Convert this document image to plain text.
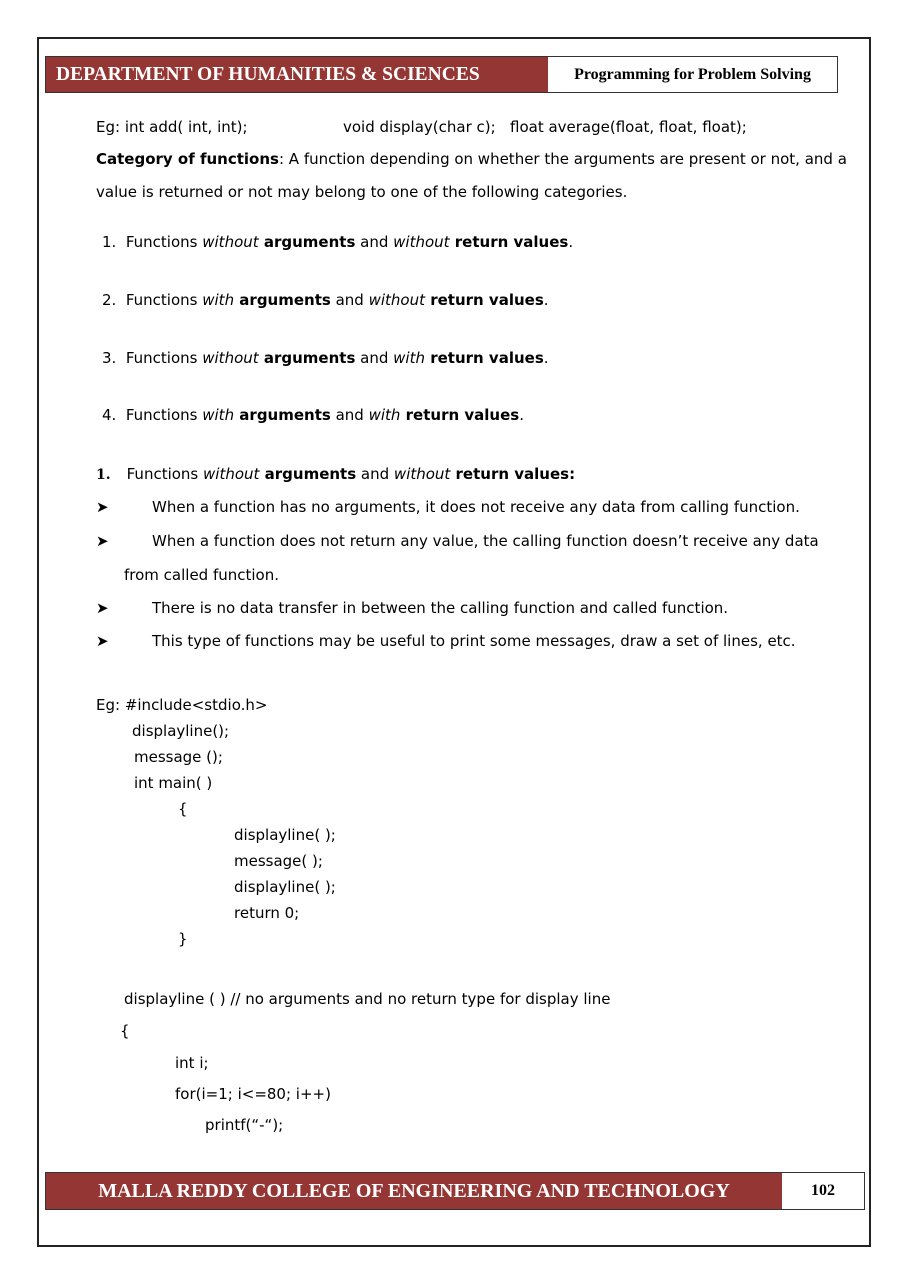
DEPARTMENT OF HUMANITIES & SCIENCES	Programming for Problem Solving
Eg: int add( int, int);	void display(char c); float average(float, float, float);
Category of functions: A function depending on whether the arguments are present or not, and a
value is returned or not may belong to one of the following categories.
1. Functions without arguments and without return values.
2. Functions with arguments and without return values.
3. Functions without arguments and with return values.
4. Functions with arguments and with return values.
1. Functions without arguments and without return values:
➤	When a function has no arguments, it does not receive any data from calling function.
➤	When a function does not return any value, the calling function doesn’t receive any data
from called function.
➤	There is no data transfer in between the calling function and called function.
➤	This type of functions may be useful to print some messages, draw a set of lines, etc.
Eg: #include<stdio.h>
displayline();
message ();
int main( )
{
displayline( );
message( );
displayline( );
return 0;
}
displayline ( ) // no arguments and no return type for display line
{
int i;
for(i=1; i<=80; i++)
printf(“-“);
MALLA REDDY COLLEGE OF ENGINEERING AND TECHNOLOGY	102
